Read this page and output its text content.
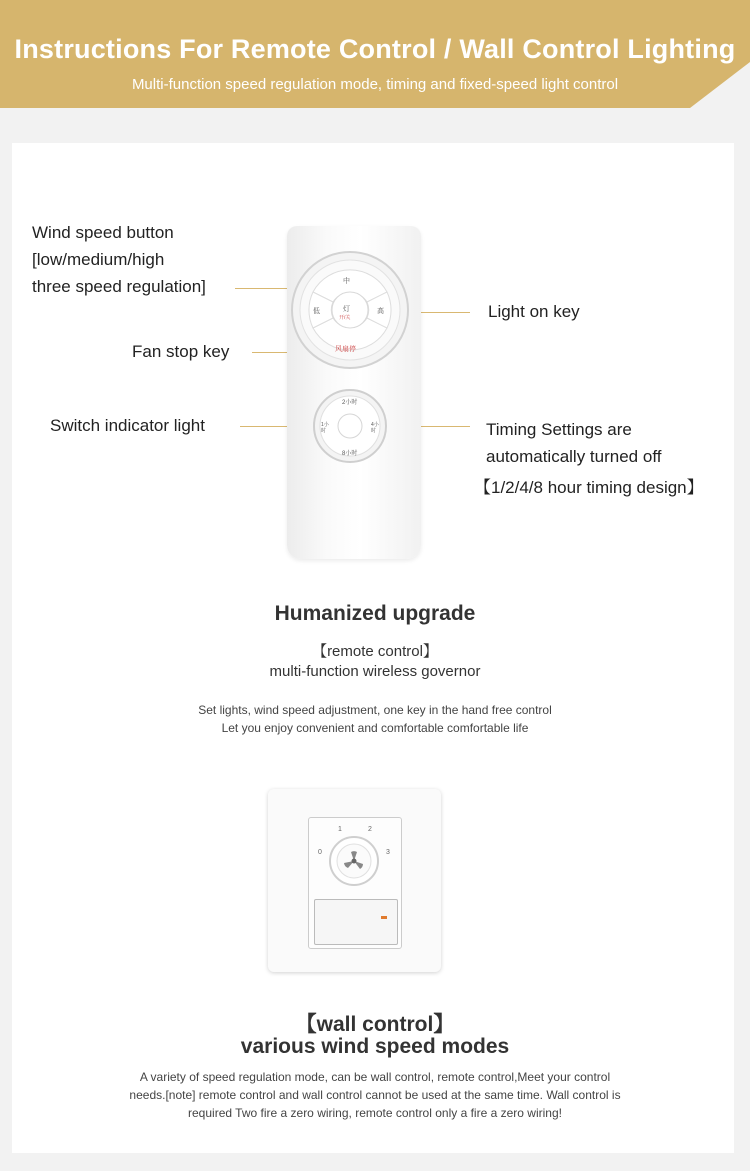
Instructions For Remote Control / Wall Control Lighting
Multi-function speed regulation mode, timing and fixed-speed light control
Wind speed button
[low/medium/high
three speed regulation]
Fan stop key
Switch indicator light
Light on key
Timing Settings are
automatically turned off
【1/2/4/8 hour timing design】
中
低	高
灯
开/关
风扇停
2小时
1小时
4小时
8小时
Humanized upgrade
【remote control】
multi-function wireless governor
Set lights, wind speed adjustment, one key in the hand free control
Let you enjoy convenient and comfortable comfortable life
0
1	2
3
【wall control】
various wind speed modes
A variety of speed regulation mode, can be wall control, remote control,Meet your control
needs.[note] remote control and wall control cannot be used at the same time. Wall control is
required Two fire a zero wiring, remote control only a fire a zero wiring!
